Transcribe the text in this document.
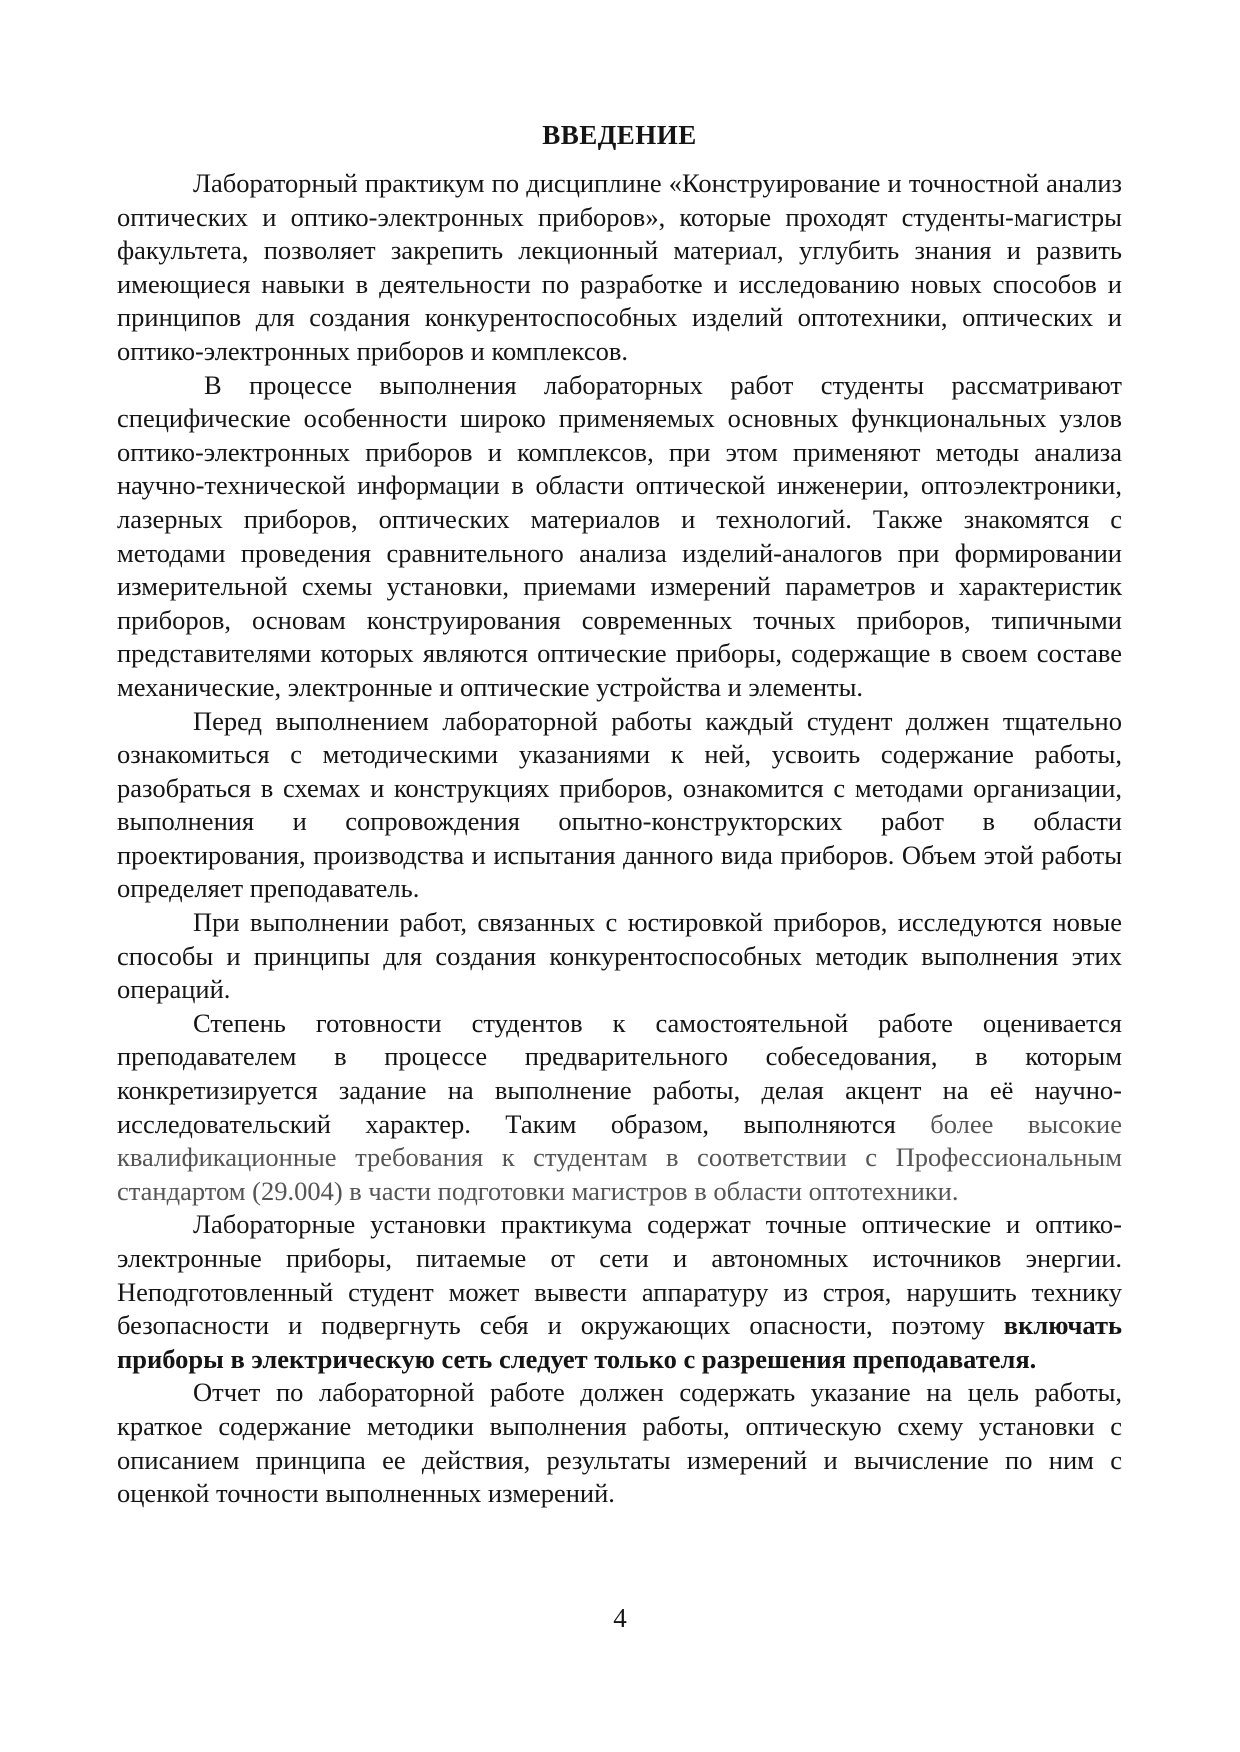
ВВЕДЕНИЕ

Лабораторный практикум по дисциплине «Конструирование и точностной анализ оптических и оптико-электронных приборов», которые проходят студенты-магистры факультета, позволяет закрепить лекционный материал, углубить знания и развить имеющиеся навыки в деятельности по разработке и исследованию новых способов и принципов для создания конкурентоспособных изделий оптотехники, оптических и оптико-электронных приборов и комплексов.

В процессе выполнения лабораторных работ студенты рассматривают специфические особенности широко применяемых основных функциональных узлов оптико-электронных приборов и комплексов, при этом применяют методы анализа научно-технической информации в области оптической инженерии, оптоэлектроники, лазерных приборов, оптических материалов и технологий. Также знакомятся с методами проведения сравнительного анализа изделий-аналогов при формировании измерительной схемы установки, приемами измерений параметров и характеристик приборов, основам конструирования современных точных приборов, типичными представителями которых являются оптические приборы, содержащие в своем составе механические, электронные и оптические устройства и элементы.

Перед выполнением лабораторной работы каждый студент должен тщательно ознакомиться с методическими указаниями к ней, усвоить содержание работы, разобраться в схемах и конструкциях приборов, ознакомится с методами организации, выполнения и сопровождения опытно-конструкторских работ в области проектирования, производства и испытания данного вида приборов. Объем этой работы определяет преподаватель.

При выполнении работ, связанных с юстировкой приборов, исследуются новые способы и принципы для создания конкурентоспособных методик выполнения этих операций.

Степень готовности студентов к самостоятельной работе оценивается преподавателем в процессе предварительного собеседования, в которым конкретизируется задание на выполнение работы, делая акцент на её научно-исследовательский характер. Таким образом, выполняются более высокие квалификационные требования к студентам в соответствии с Профессиональным стандартом (29.004) в части подготовки магистров в области оптотехники.

Лабораторные установки практикума содержат точные оптические и оптико-электронные приборы, питаемые от сети и автономных источников энергии. Неподготовленный студент может вывести аппаратуру из строя, нарушить технику безопасности и подвергнуть себя и окружающих опасности, поэтому включать приборы в электрическую сеть следует только с разрешения преподавателя.

Отчет по лабораторной работе должен содержать указание на цель работы, краткое содержание методики выполнения работы, оптическую схему установки с описанием принципа ее действия, результаты измерений и вычисление по ним с оценкой точности выполненных измерений.

4
